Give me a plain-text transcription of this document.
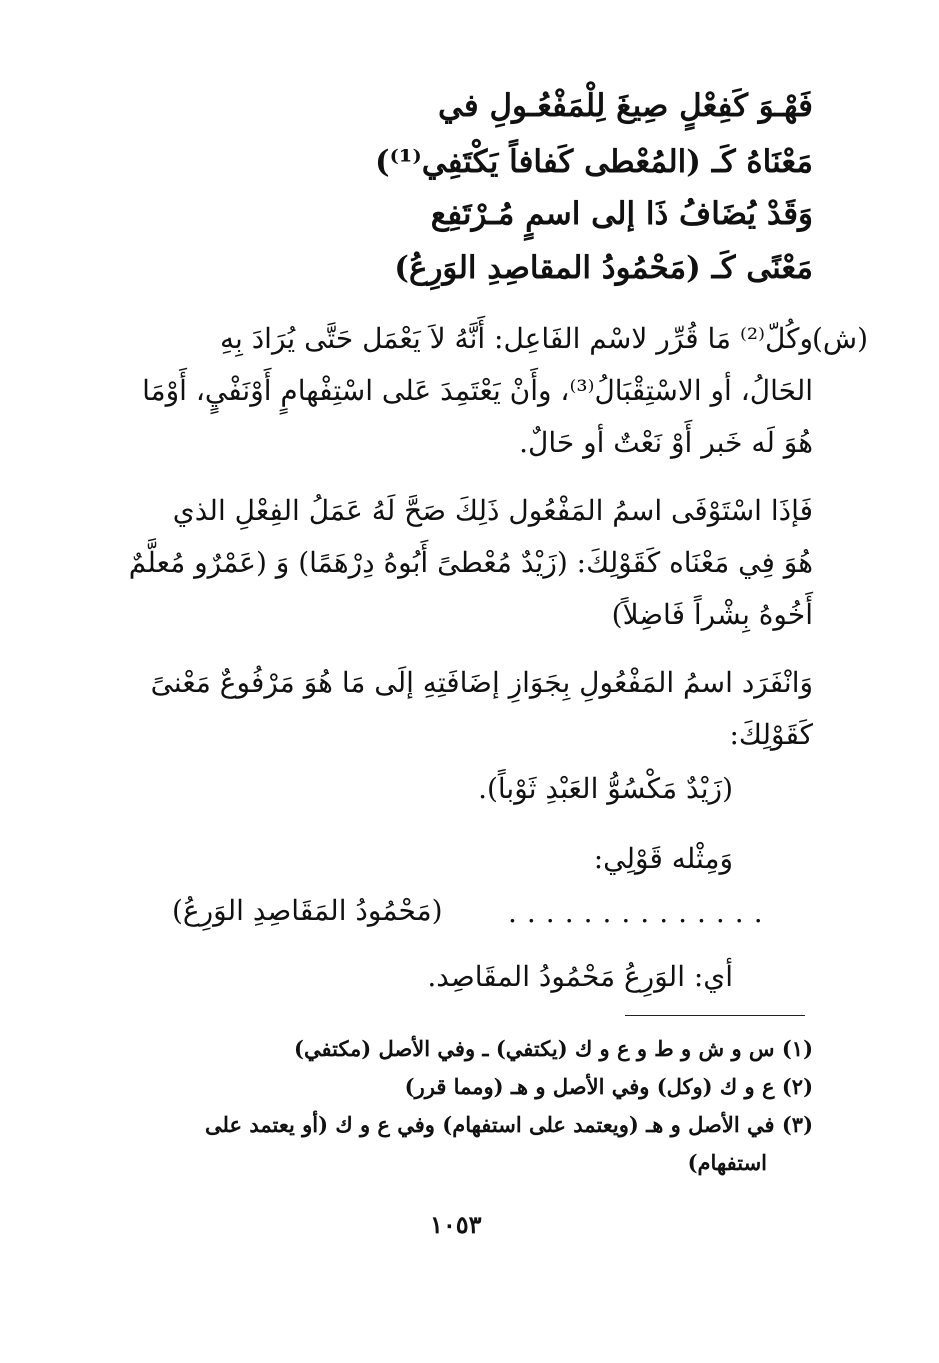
فَهْـوَ كَفِعْلٍ صِيغَ لِلْمَفْعُـولِ في
مَعْنَاهُ كَـ (المُعْطى كَفافاً يَكْتَفِي⁽¹⁾)
وَقَدْ يُضَافُ ذَا إلى اسمٍ مُـرْتَفِع
مَعْنًى كَـ (مَحْمُودُ المقاصِدِ الوَرِعُ)
(ش)
وكُلّ⁽²⁾ مَا قُرِّر لاسْم الفَاعِل: أَنَّهُ لاَ يَعْمَل حَتَّى يُرَادَ بِهِ
الحَالُ، أو الاسْتِقْبَالُ⁽³⁾، وأَنْ يَعْتَمِدَ عَلى اسْتِفْهامٍ أَوْنَفْيٍ، أَوْمَا
هُوَ لَه خَبر أَوْ نَعْتٌ أو حَالٌ.
فَإذَا اسْتَوْفَى اسمُ المَفْعُول ذَلِكَ صَحَّ لَهُ عَمَلُ الفِعْلِ الذي
هُوَ فِي مَعْنَاه كَقَوْلِكَ: (زَيْدٌ مُعْطىً أَبُوهُ دِرْهَمًا) وَ (عَمْرٌو مُعلَّمٌ
أَخُوهُ بِشْراً فَاضِلاً)
وَانْفَرَد اسمُ المَفْعُولِ بِجَوَازِ إضَافَتِهِ إلَى مَا هُوَ مَرْفُوعٌ مَعْنىً
كَقَوْلِكَ:
(زَيْدٌ مَكْسُوُّ العَبْدِ ثَوْباً).
وَمِثْله قَوْلِي:
..............
(مَحْمُودُ المَقَاصِدِ الوَرِعُ)
أي: الوَرِعُ مَحْمُودُ المقَاصِد.
(١) س و ش و ط و ع و ك (يكتفي) ـ وفي الأصل (مكتفي)
(٢) ع و ك (وكل) وفي الأصل و هـ (ومما قرر)
(٣) في الأصل و هـ (ويعتمد على استفهام) وفي ع و ك (أو يعتمد على
استفهام)
١٠٥٣
